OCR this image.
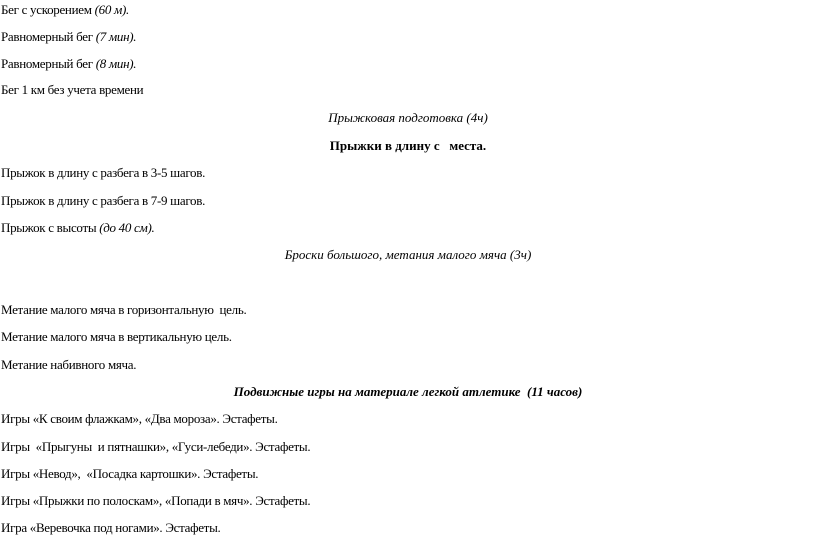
Бег с ускорением (60 м).
Равномерный бег (7 мин).
Равномерный бег (8 мин).
Бег 1 км без учета времени
Прыжковая подготовка (4ч)
Прыжки в длину с   места.
Прыжок в длину с разбега в 3-5 шагов.
Прыжок в длину с разбега в 7-9 шагов.
Прыжок с высоты (до 40 см).
Броски большого, метания малого мяча (3ч)
Метание малого мяча в горизонтальную  цель.
Метание малого мяча в вертикальную цель.
Метание набивного мяча.
Подвижные игры на материале легкой атлетике  (11 часов)
Игры «К своим флажкам», «Два мороза». Эстафеты.
Игры  «Прыгуны  и пятнашки», «Гуси-лебеди». Эстафеты.
Игры «Невод»,  «Посадка картошки». Эстафеты.
Игры «Прыжки по полоскам», «Попади в мяч». Эстафеты.
Игра «Веревочка под ногами». Эстафеты.
